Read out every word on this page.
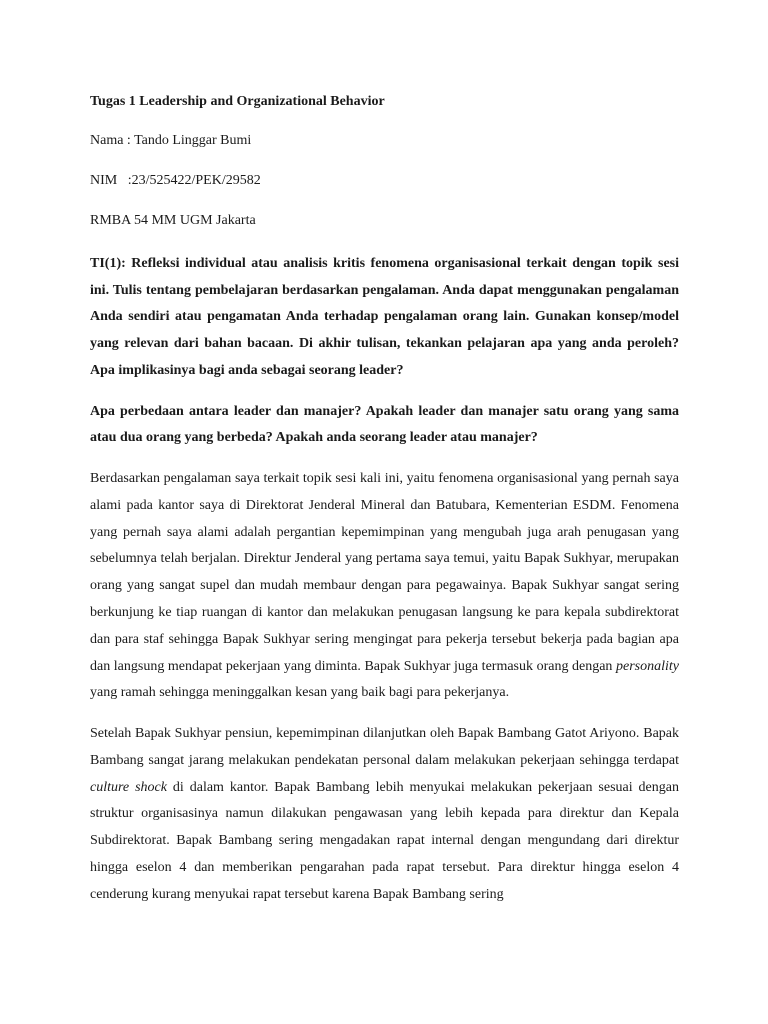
Tugas 1 Leadership and Organizational Behavior

Nama : Tando Linggar Bumi

NIM   :23/525422/PEK/29582

RMBA 54 MM UGM Jakarta

TI(1): Refleksi individual atau analisis kritis fenomena organisasional terkait dengan topik sesi ini. Tulis tentang pembelajaran berdasarkan pengalaman. Anda dapat menggunakan pengalaman Anda sendiri atau pengamatan Anda terhadap pengalaman orang lain. Gunakan konsep/model yang relevan dari bahan bacaan. Di akhir tulisan, tekankan pelajaran apa yang anda peroleh? Apa implikasinya bagi anda sebagai seorang leader?

Apa perbedaan antara leader dan manajer? Apakah leader dan manajer satu orang yang sama atau dua orang yang berbeda? Apakah anda seorang leader atau manajer?

Berdasarkan pengalaman saya terkait topik sesi kali ini, yaitu fenomena organisasional yang pernah saya alami pada kantor saya di Direktorat Jenderal Mineral dan Batubara, Kementerian ESDM. Fenomena yang pernah saya alami adalah pergantian kepemimpinan yang mengubah juga arah penugasan yang sebelumnya telah berjalan. Direktur Jenderal yang pertama saya temui, yaitu Bapak Sukhyar, merupakan orang yang sangat supel dan mudah membaur dengan para pegawainya. Bapak Sukhyar sangat sering berkunjung ke tiap ruangan di kantor dan melakukan penugasan langsung ke para kepala subdirektorat dan para staf sehingga Bapak Sukhyar sering mengingat para pekerja tersebut bekerja pada bagian apa dan langsung mendapat pekerjaan yang diminta. Bapak Sukhyar juga termasuk orang dengan personality yang ramah sehingga meninggalkan kesan yang baik bagi para pekerjanya.

Setelah Bapak Sukhyar pensiun, kepemimpinan dilanjutkan oleh Bapak Bambang Gatot Ariyono. Bapak Bambang sangat jarang melakukan pendekatan personal dalam melakukan pekerjaan sehingga terdapat culture shock di dalam kantor. Bapak Bambang lebih menyukai melakukan pekerjaan sesuai dengan struktur organisasinya namun dilakukan pengawasan yang lebih kepada para direktur dan Kepala Subdirektorat. Bapak Bambang sering mengadakan rapat internal dengan mengundang dari direktur hingga eselon 4 dan memberikan pengarahan pada rapat tersebut. Para direktur hingga eselon 4 cenderung kurang menyukai rapat tersebut karena Bapak Bambang sering
